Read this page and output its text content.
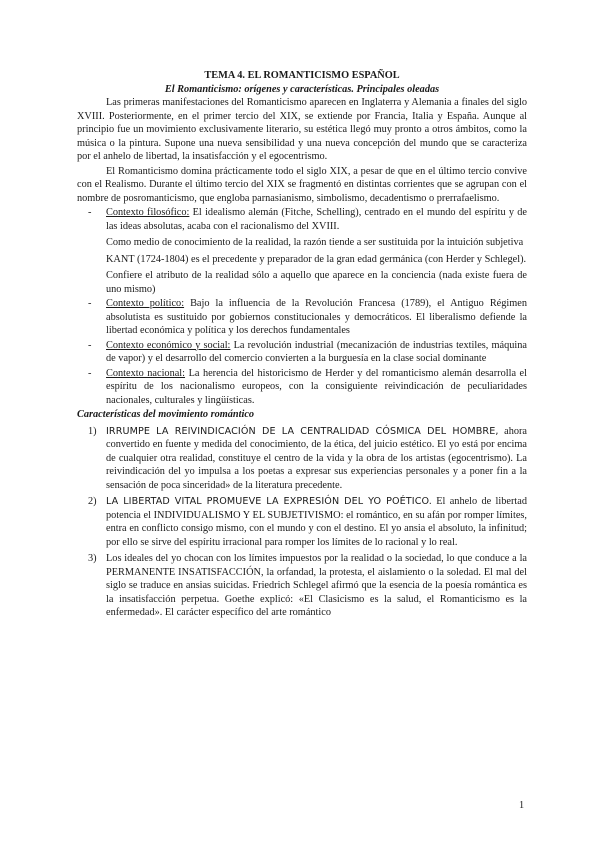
TEMA 4. EL ROMANTICISMO ESPAÑOL
El Romanticismo: orígenes y características. Principales oleadas

Las primeras manifestaciones del Romanticismo aparecen en Inglaterra y Alemania a finales del siglo XVIII. Posteriormente, en el primer tercio del XIX, se extiende por Francia, Italia y España. Aunque al principio fue un movimiento exclusivamente literario, su estética llegó muy pronto a otros ámbitos, como la música o la pintura. Supone una nueva sensibilidad y una nueva concepción del mundo que se caracteriza por el anhelo de libertad, la insatisfacción y el egocentrismo.

El Romanticismo domina prácticamente todo el siglo XIX, a pesar de que en el último tercio convive con el Realismo. Durante el último tercio del XIX se fragmentó en distintas corrientes que se agrupan con el nombre de posromanticismo, que engloba parnasianismo, simbolismo, decadentismo o prerrafaelismo.

- Contexto filosófico: El idealismo alemán (Fitche, Schelling), centrado en el mundo del espíritu y de las ideas absolutas, acaba con el racionalismo del XVIII.

Como medio de conocimiento de la realidad, la razón tiende a ser sustituida por la intuición subjetiva

KANT (1724-1804) es el precedente y preparador de la gran edad germánica (con Herder y Schlegel).

Confiere el atributo de la realidad sólo a aquello que aparece en la conciencia (nada existe fuera de uno mismo)

- Contexto político: Bajo la influencia de la Revolución Francesa (1789), el Antiguo Régimen absolutista es sustituido por gobiernos constitucionales y democráticos. El liberalismo defiende la libertad económica y política y los derechos fundamentales

- Contexto económico y social: La revolución industrial (mecanización de industrias textiles, máquina de vapor) y el desarrollo del comercio convierten a la burguesía en la clase social dominante

- Contexto nacional: La herencia del historicismo de Herder y del romanticismo alemán desarrolla el espíritu de los nacionalismo europeos, con la consiguiente reivindicación de peculiaridades nacionales, culturales y lingüísticas.

Características del movimiento romántico
1) IRRUMPE LA REIVINDICACIÓN DE LA CENTRALIDAD CÓSMICA DEL HOMBRE, ahora convertido en fuente y medida del conocimiento, de la ética, del juicio estético. El yo está por encima de cualquier otra realidad, constituye el centro de la vida y la obra de los artistas (egocentrismo). La reivindicación del yo impulsa a los poetas a expresar sus experiencias personales y a poner fin a la sensación de poca sinceridad» de la literatura precedente.

2) LA LIBERTAD VITAL PROMUEVE LA EXPRESIÓN DEL YO POÉTICO. El anhelo de libertad potencia el INDIVIDUALISMO Y EL SUBJETIVISMO: el romántico, en su afán por romper límites, entra en conflicto consigo mismo, con el mundo y con el destino. El yo ansia el absoluto, la infinitud; por ello se sirve del espíritu irracional para romper los límites de lo racional y lo real.

3) Los ideales del yo chocan con los límites impuestos por la realidad o la sociedad, lo que conduce a la PERMANENTE INSATISFACCIÓN, la orfandad, la protesta, el aislamiento o la soledad. El mal del siglo se traduce en ansias suicidas. Friedrich Schlegel afirmó que la esencia de la poesía romántica es la insatisfacción perpetua. Goethe explicó: «El Clasicismo es la salud, el Romanticismo es la enfermedad». El carácter específico del arte romántico

1
